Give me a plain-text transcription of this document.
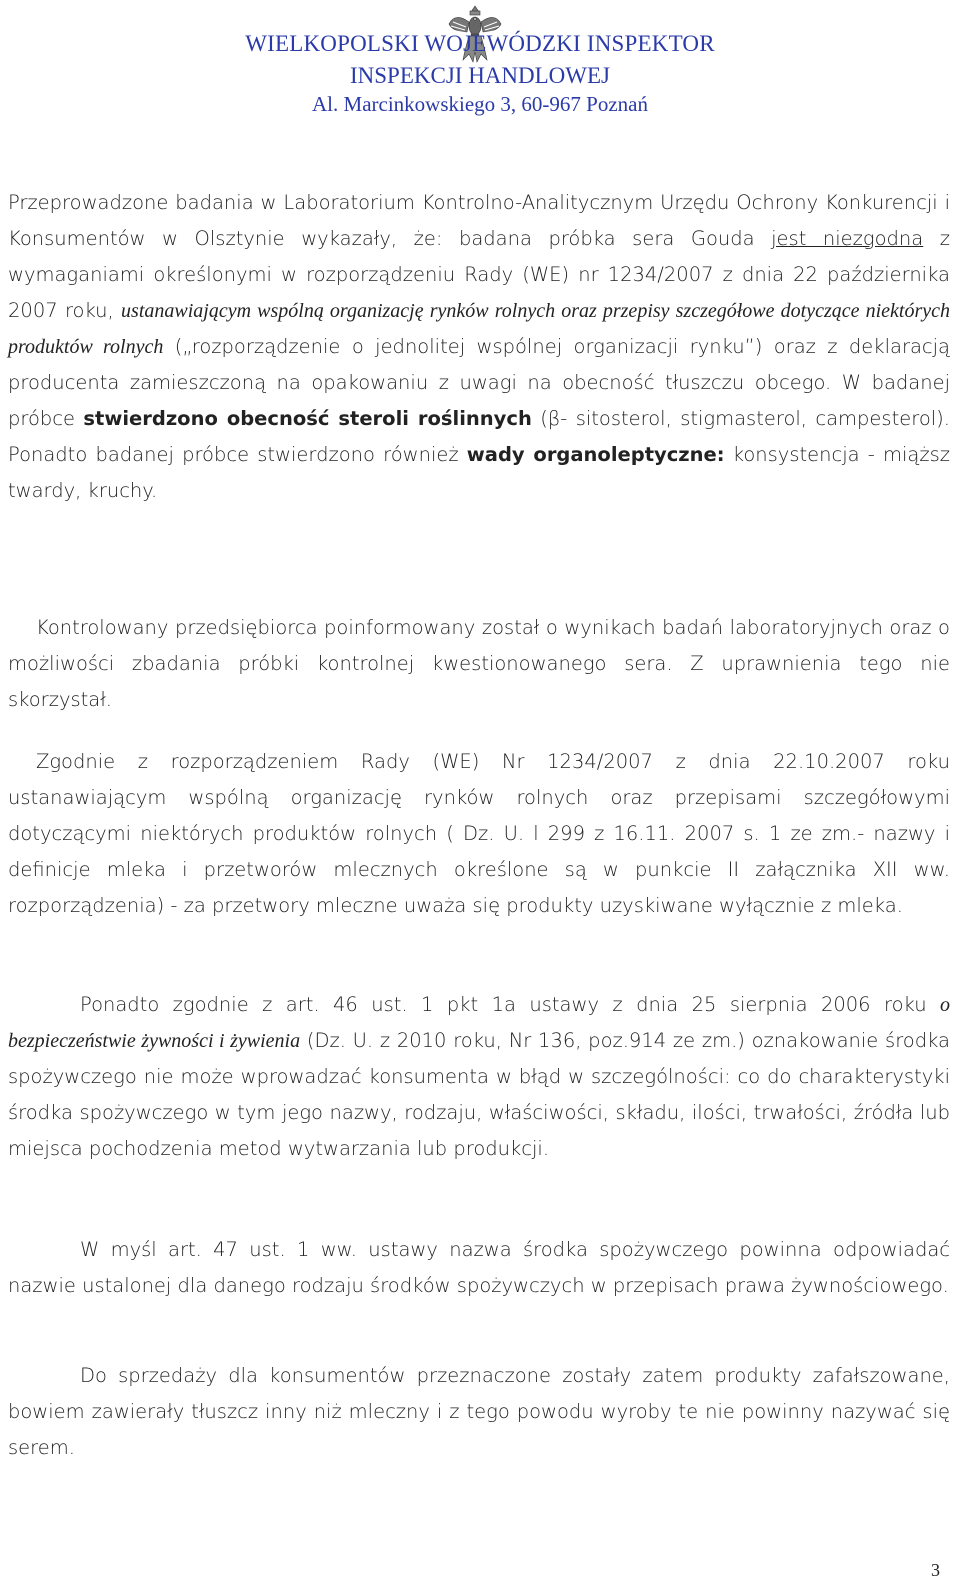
WIELKOPOLSKI WOJEWÓDZKI INSPEKTOR
INSPEKCJI HANDLOWEJ
Al. Marcinkowskiego 3, 60-967 Poznań

Przeprowadzone badania w Laboratorium Kontrolno-Analitycznym Urzędu Ochrony Konkurencji i Konsumentów w Olsztynie wykazały, że: badana próbka sera Gouda jest niezgodna z wymaganiami określonymi w rozporządzeniu Rady (WE) nr 1234/2007 z dnia 22 października 2007 roku, ustanawiającym wspólną organizację rynków rolnych oraz przepisy szczegółowe dotyczące niektórych produktów rolnych („rozporządzenie o jednolitej wspólnej organizacji rynku”) oraz z deklaracją producenta zamieszczoną na opakowaniu z uwagi na obecność tłuszczu obcego. W badanej próbce stwierdzono obecność steroli roślinnych (β- sitosterol, stigmasterol, campesterol). Ponadto badanej próbce stwierdzono również wady organoleptyczne: konsystencja - miąższ twardy, kruchy.

Kontrolowany przedsiębiorca poinformowany został o wynikach badań laboratoryjnych oraz o możliwości zbadania próbki kontrolnej kwestionowanego sera. Z uprawnienia tego nie skorzystał.

Zgodnie z rozporządzeniem Rady (WE) Nr 1234/2007 z dnia 22.10.2007 roku ustanawiającym wspólną organizację rynków rolnych oraz przepisami szczegółowymi dotyczącymi niektórych produktów rolnych ( Dz. U. l 299 z 16.11. 2007 s. 1 ze zm.- nazwy i definicje mleka i przetworów mlecznych określone są w punkcie II załącznika XII ww. rozporządzenia) - za przetwory mleczne uważa się produkty uzyskiwane wyłącznie z mleka.

Ponadto zgodnie z art. 46 ust. 1 pkt 1a ustawy z dnia 25 sierpnia 2006 roku o bezpieczeństwie żywności i żywienia (Dz. U. z 2010 roku, Nr 136, poz.914 ze zm.) oznakowanie środka spożywczego nie może wprowadzać konsumenta w błąd w szczególności: co do charakterystyki środka spożywczego w tym jego nazwy, rodzaju, właściwości, składu, ilości, trwałości, źródła lub miejsca pochodzenia metod wytwarzania lub produkcji.

W myśl art. 47 ust. 1 ww. ustawy nazwa środka spożywczego powinna odpowiadać nazwie ustalonej dla danego rodzaju środków spożywczych w przepisach prawa żywnościowego.

Do sprzedaży dla konsumentów przeznaczone zostały zatem produkty zafałszowane, bowiem zawierały tłuszcz inny niż mleczny i z tego powodu wyroby te nie powinny nazywać się serem.

3
